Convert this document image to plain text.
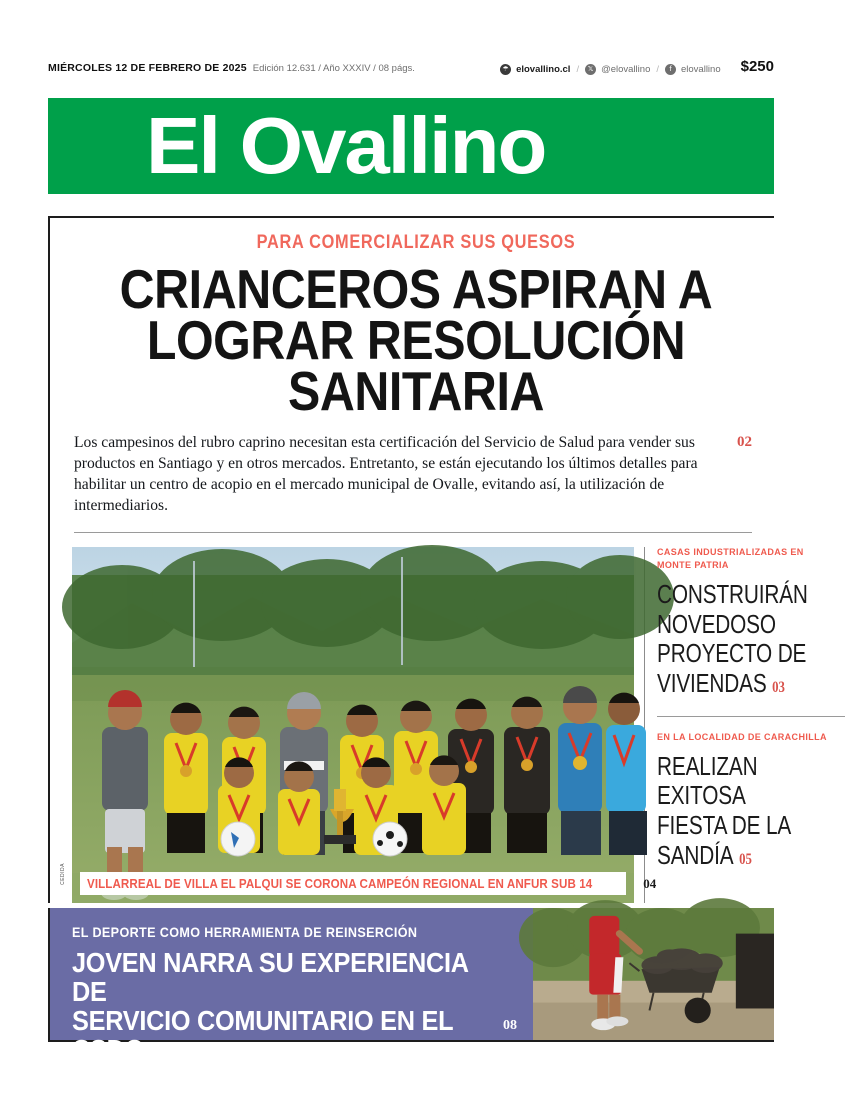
MIÉRCOLES 12 DE FEBRERO DE 2025 Edición 12.631 / Año XXXIV / 08 págs.	☂ elovallino.cl /	𝕏 @elovallino /	f elovallino $250
El Ovallino
PARA COMERCIALIZAR SUS QUESOS
CRIANCEROS ASPIRAN A
LOGRAR RESOLUCIÓN SANITARIA
02
Los campesinos del rubro caprino necesitan esta certificación del Servicio de Salud para vender sus productos en Santiago y en otros mercados. Entretanto, se están ejecutando los últimos detalles para habilitar un centro de acopio en el mercado municipal de Ovalle, evitando así, la utilización de intermediarios.
CEDIDA VILLARREAL DE VILLA EL PALQUI SE CORONA CAMPEÓN REGIONAL EN ANFUR SUB 14	04
CASAS INDUSTRIALIZADAS EN MONTE PATRIA
CONSTRUIRÁN NOVEDOSO PROYECTO DE VIVIENDAS 03
EN LA LOCALIDAD DE CARACHILLA
REALIZAN EXITOSA FIESTA DE LA SANDÍA 05
EL DEPORTE COMO HERRAMIENTA DE REINSERCIÓN
JOVEN NARRA SU EXPERIENCIA DE
SERVICIO COMUNITARIO EN EL CSDO
08
